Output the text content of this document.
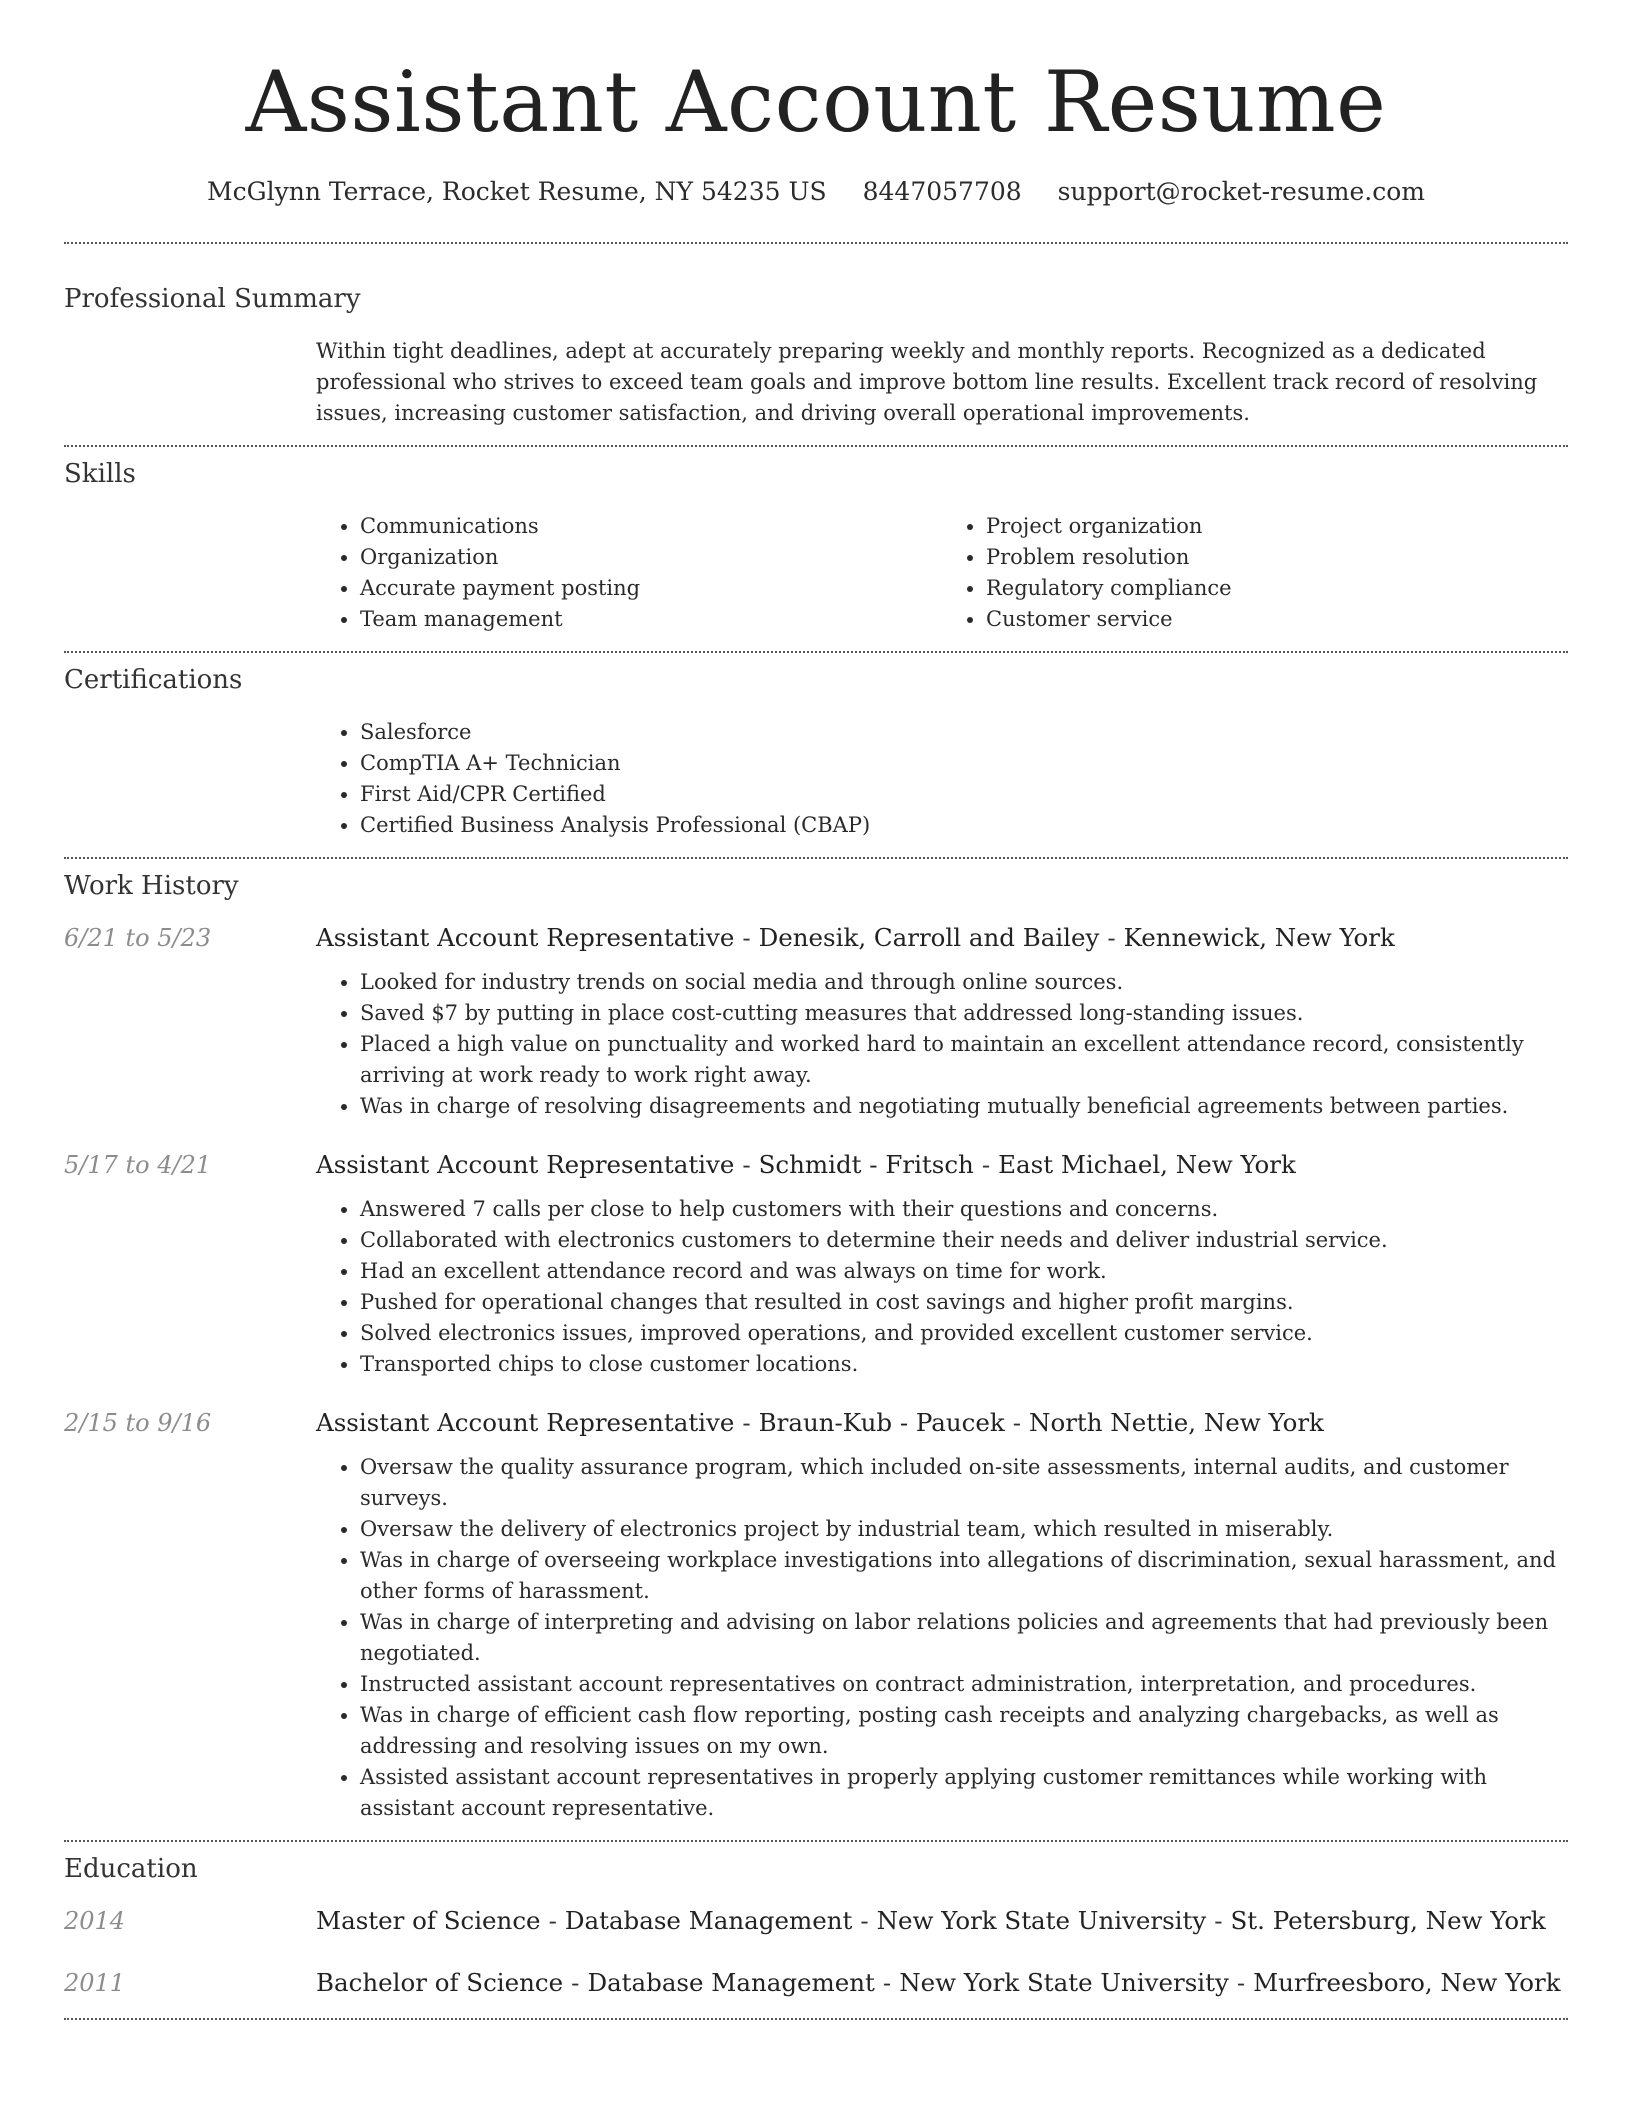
Assistant Account Resume
McGlynn Terrace, Rocket Resume, NY 54235 US 8447057708 support@rocket-resume.com
Professional Summary

Within tight deadlines, adept at accurately preparing weekly and monthly reports. Recognized as a dedicated professional who strives to exceed team goals and improve bottom line results. Excellent track record of resolving issues, increasing customer satisfaction, and driving overall operational improvements.

Skills
• Communications
• Organization
• Accurate payment posting
• Team management
• Project organization
• Problem resolution
• Regulatory compliance
• Customer service
Certifications
• Salesforce
• CompTIA A+ Technician
• First Aid/CPR Certified
• Certified Business Analysis Professional (CBAP)
Work History
6/21 to 5/23	Assistant Account Representative - Denesik, Carroll and Bailey - Kennewick, New York
• Looked for industry trends on social media and through online sources.
• Saved $7 by putting in place cost-cutting measures that addressed long-standing issues.
• Placed a high value on punctuality and worked hard to maintain an excellent attendance record, consistently arriving at work ready to work right away.
• Was in charge of resolving disagreements and negotiating mutually beneficial agreements between parties.
5/17 to 4/21	Assistant Account Representative - Schmidt - Fritsch - East Michael, New York
• Answered 7 calls per close to help customers with their questions and concerns.
• Collaborated with electronics customers to determine their needs and deliver industrial service.
• Had an excellent attendance record and was always on time for work.
• Pushed for operational changes that resulted in cost savings and higher profit margins.
• Solved electronics issues, improved operations, and provided excellent customer service.
• Transported chips to close customer locations.
2/15 to 9/16	Assistant Account Representative - Braun-Kub - Paucek - North Nettie, New York
• Oversaw the quality assurance program, which included on-site assessments, internal audits, and customer surveys.
• Oversaw the delivery of electronics project by industrial team, which resulted in miserably.
• Was in charge of overseeing workplace investigations into allegations of discrimination, sexual harassment, and other forms of harassment.
• Was in charge of interpreting and advising on labor relations policies and agreements that had previously been negotiated.
• Instructed assistant account representatives on contract administration, interpretation, and procedures.
• Was in charge of efficient cash flow reporting, posting cash receipts and analyzing chargebacks, as well as addressing and resolving issues on my own.
• Assisted assistant account representatives in properly applying customer remittances while working with assistant account representative.
Education
2014	Master of Science - Database Management - New York State University - St. Petersburg, New York
2011	Bachelor of Science - Database Management - New York State University - Murfreesboro, New York
